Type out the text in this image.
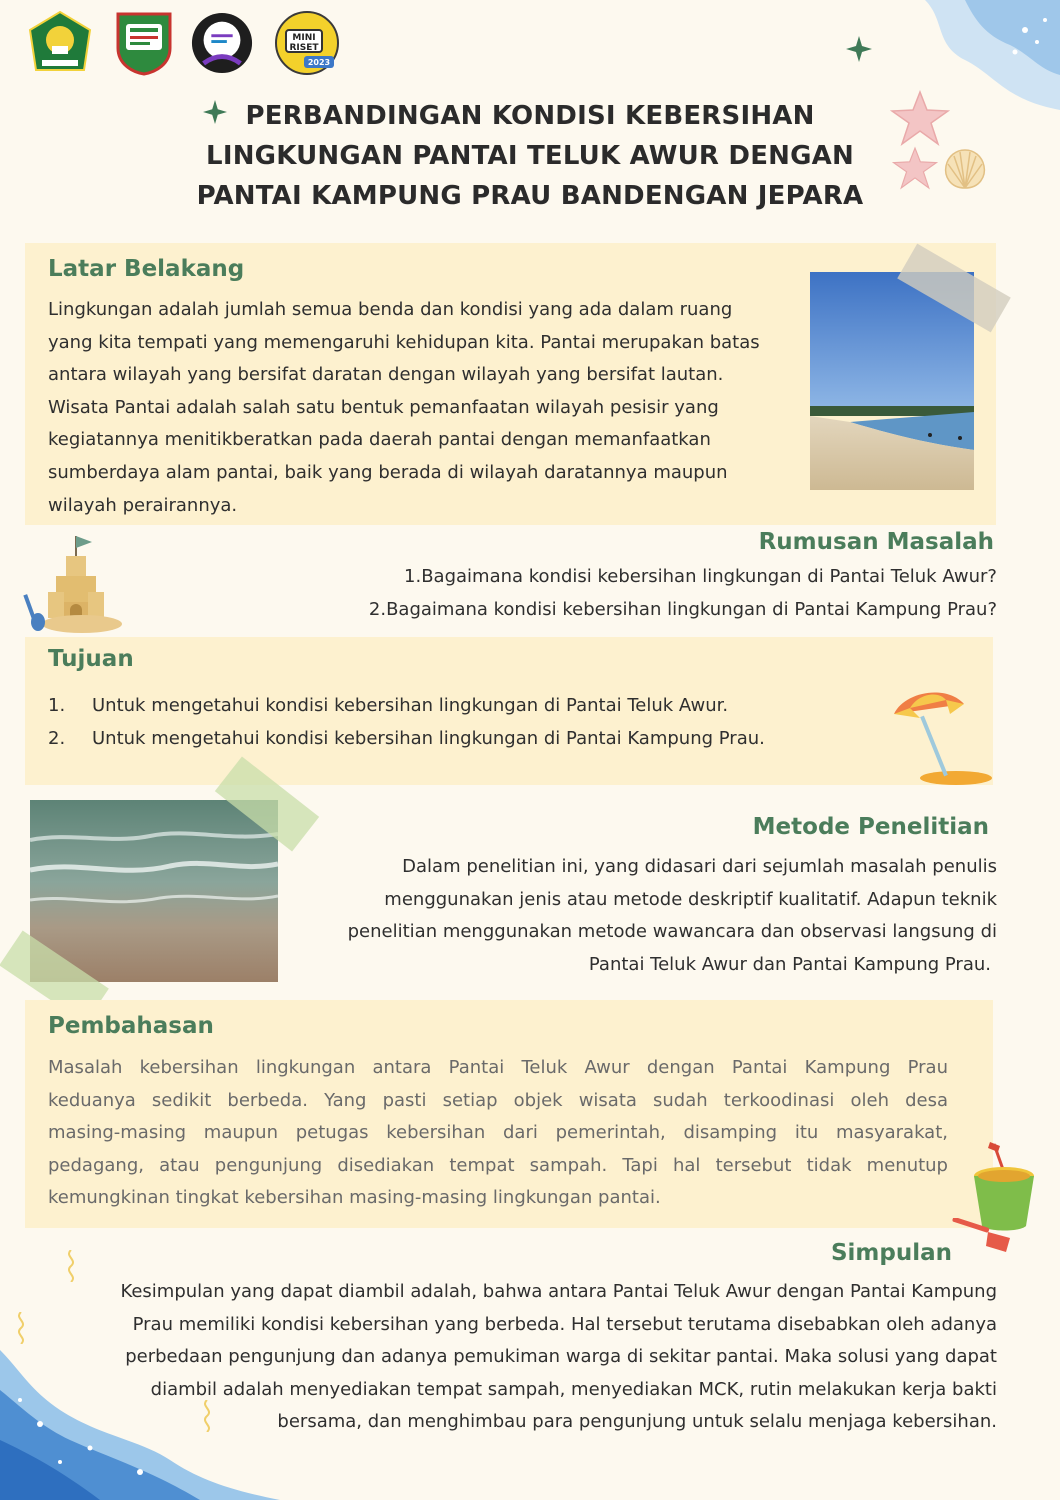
MINI
RISET
2023
PERBANDINGAN KONDISI KEBERSIHAN
LINGKUNGAN PANTAI TELUK AWUR DENGAN
PANTAI KAMPUNG PRAU BANDENGAN JEPARA
Latar Belakang
Lingkungan adalah jumlah semua benda dan kondisi yang ada dalam ruang
yang kita tempati yang memengaruhi kehidupan kita. Pantai merupakan batas
antara wilayah yang bersifat daratan dengan wilayah yang bersifat lautan.
Wisata Pantai adalah salah satu bentuk pemanfaatan wilayah pesisir yang
kegiatannya menitikberatkan pada daerah pantai dengan memanfaatkan
sumberdaya alam pantai, baik yang berada di wilayah daratannya maupun
wilayah perairannya.
Rumusan Masalah
1.Bagaimana kondisi kebersihan lingkungan di Pantai Teluk Awur?
2.Bagaimana kondisi kebersihan lingkungan di Pantai Kampung Prau?
Tujuan
1. Untuk mengetahui kondisi kebersihan lingkungan di Pantai Teluk Awur.
2. Untuk mengetahui kondisi kebersihan lingkungan di Pantai Kampung Prau.
Metode Penelitian
Dalam penelitian ini, yang didasari dari sejumlah masalah penulis
menggunakan jenis atau metode deskriptif kualitatif. Adapun teknik
penelitian menggunakan metode wawancara dan observasi langsung di
Pantai Teluk Awur dan Pantai Kampung Prau.
Pembahasan
Masalah kebersihan lingkungan antara Pantai Teluk Awur dengan Pantai Kampung Prau
keduanya sedikit berbeda. Yang pasti setiap objek wisata sudah terkoodinasi oleh desa
masing-masing maupun petugas kebersihan dari pemerintah, disamping itu masyarakat,
pedagang, atau pengunjung disediakan tempat sampah. Tapi hal tersebut tidak menutup
kemungkinan tingkat kebersihan masing-masing lingkungan pantai.
Simpulan
Kesimpulan yang dapat diambil adalah, bahwa antara Pantai Teluk Awur dengan Pantai Kampung
Prau memiliki kondisi kebersihan yang berbeda. Hal tersebut terutama disebabkan oleh adanya
perbedaan pengunjung dan adanya pemukiman warga di sekitar pantai. Maka solusi yang dapat
diambil adalah menyediakan tempat sampah, menyediakan MCK, rutin melakukan kerja bakti
bersama, dan menghimbau para pengunjung untuk selalu menjaga kebersihan.
